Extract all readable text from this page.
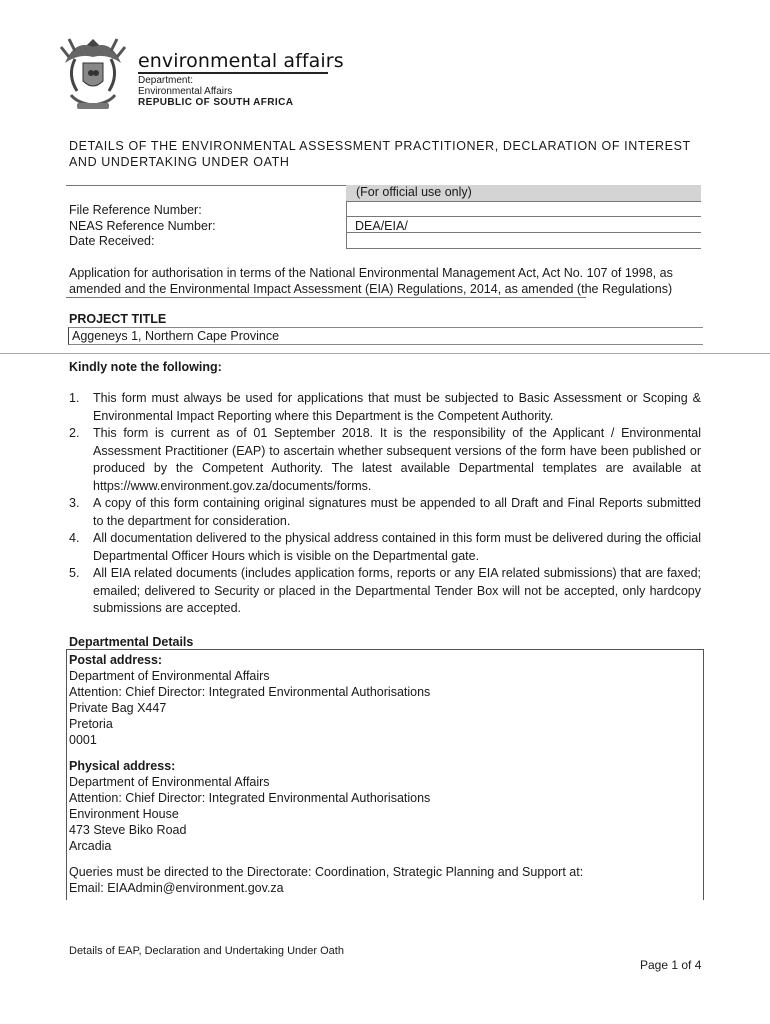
environmental affairs
Department:
Environmental Affairs
REPUBLIC OF SOUTH AFRICA
DETAILS OF THE ENVIRONMENTAL ASSESSMENT PRACTITIONER, DECLARATION OF INTEREST AND UNDERTAKING UNDER OATH
(For official use only)
File Reference Number:
NEAS Reference Number:
Date Received:
DEA/EIA/
Application for authorisation in terms of the National Environmental Management Act, Act No. 107 of 1998, as amended and the Environmental Impact Assessment (EIA) Regulations, 2014, as amended (the Regulations)
PROJECT TITLE
Aggeneys 1, Northern Cape Province
Kindly note the following:
1. This form must always be used for applications that must be subjected to Basic Assessment or Scoping & Environmental Impact Reporting where this Department is the Competent Authority.
2. This form is current as of 01 September 2018. It is the responsibility of the Applicant / Environmental Assessment Practitioner (EAP) to ascertain whether subsequent versions of the form have been published or produced by the Competent Authority. The latest available Departmental templates are available at https://www.environment.gov.za/documents/forms.
3. A copy of this form containing original signatures must be appended to all Draft and Final Reports submitted to the department for consideration.
4. All documentation delivered to the physical address contained in this form must be delivered during the official Departmental Officer Hours which is visible on the Departmental gate.
5. All EIA related documents (includes application forms, reports or any EIA related submissions) that are faxed; emailed; delivered to Security or placed in the Departmental Tender Box will not be accepted, only hardcopy submissions are accepted.
Departmental Details
Postal address:
Department of Environmental Affairs
Attention: Chief Director: Integrated Environmental Authorisations
Private Bag X447
Pretoria
0001
Physical address:
Department of Environmental Affairs
Attention: Chief Director: Integrated Environmental Authorisations
Environment House
473 Steve Biko Road
Arcadia
Queries must be directed to the Directorate: Coordination, Strategic Planning and Support at:
Email: EIAAdmin@environment.gov.za
Details of EAP, Declaration and Undertaking Under Oath
Page 1 of 4
